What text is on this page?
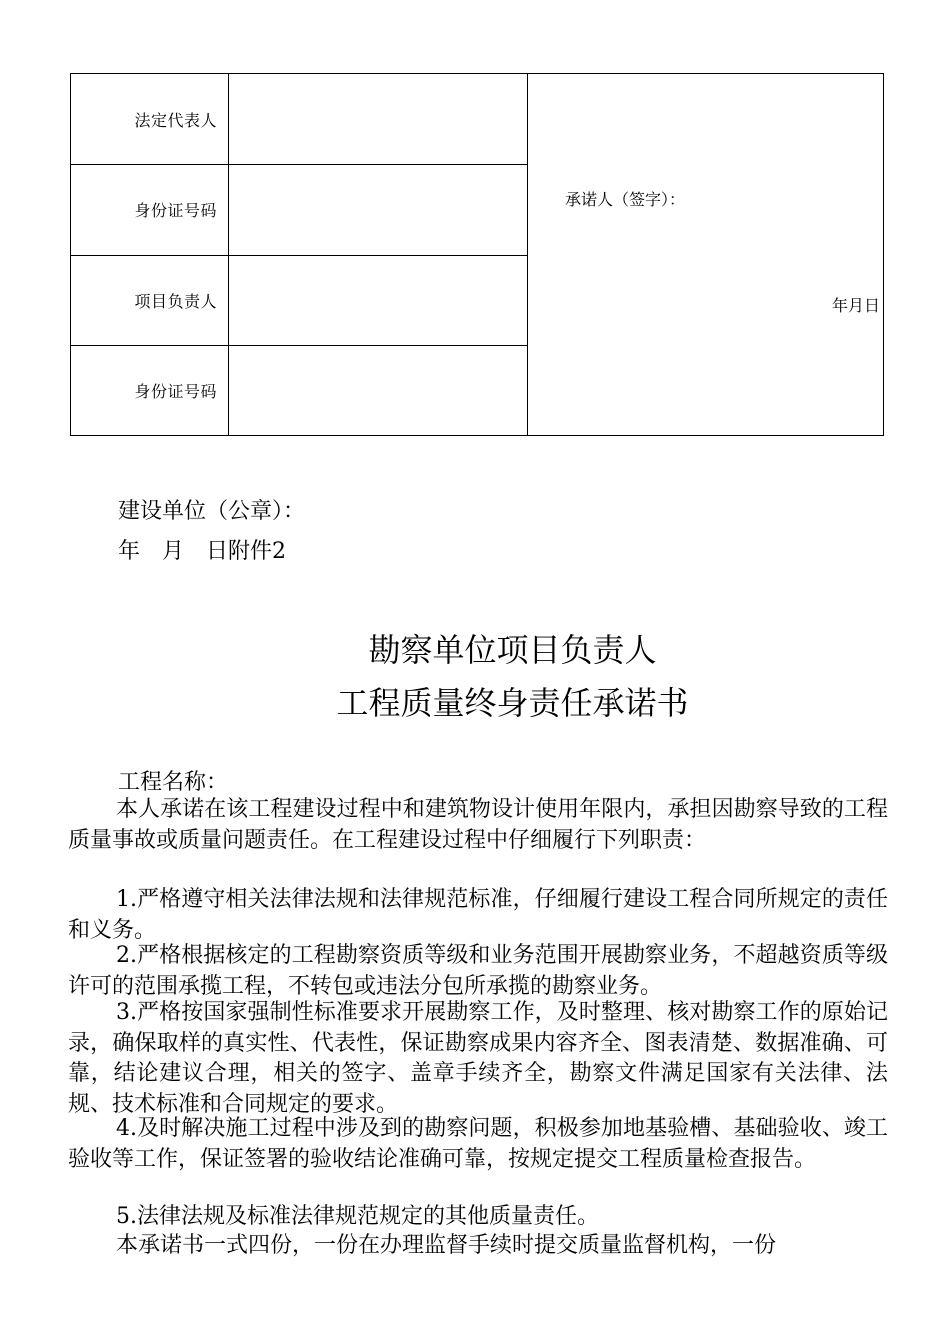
法定代表人
身份证号码
项目负责人
身份证号码
承诺人（签字）：
年月日
建设单位（公章）：
年　月　日附件2
勘察单位项目负责人
工程质量终身责任承诺书
工程名称：
本人承诺在该工程建设过程中和建筑物设计使用年限内，承担因勘察导致的工程质量事故或质量问题责任。在工程建设过程中仔细履行下列职责：
1.严格遵守相关法律法规和法律规范标准，仔细履行建设工程合同所规定的责任和义务。
2.严格根据核定的工程勘察资质等级和业务范围开展勘察业务，不超越资质等级许可的范围承揽工程，不转包或违法分包所承揽的勘察业务。
3.严格按国家强制性标准要求开展勘察工作，及时整理、核对勘察工作的原始记录，确保取样的真实性、代表性，保证勘察成果内容齐全、图表清楚、数据准确、可靠，结论建议合理，相关的签字、盖章手续齐全，勘察文件满足国家有关法律、法规、技术标准和合同规定的要求。
4.及时解决施工过程中涉及到的勘察问题，积极参加地基验槽、基础验收、竣工验收等工作，保证签署的验收结论准确可靠，按规定提交工程质量检查报告。
5.法律法规及标准法律规范规定的其他质量责任。
本承诺书一式四份，一份在办理监督手续时提交质量监督机构，一份
